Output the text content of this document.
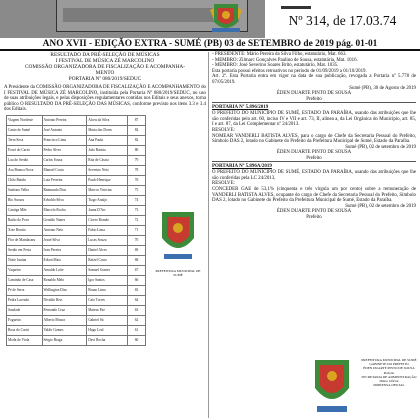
Nº 314, de 17.03.74
ANO XVII - EDIÇÃO EXTRA - SUMÉ (PB) 03 de SETEMBRO de 2019 pág. 01-01
RESULTADO DA PRÉ-SELEÇÃO DE MÚSICAS
I FESTIVAL DE MÚSICA ZÉ MARCOLINO
COMISSÃO ORGANIZADORA DE FISCALIZAÇÃO E ACOMPANHA-
MENTO
PORTARIA Nº 080/2019/SEDUC

A Presidente da COMISSÃO ORGANIZADORA DE FISCALIZAÇÃO E ACOMPANHAMENTO do I FESTIVAL DE MÚSICA ZÉ MARCOLINO, instituída pela Portaria Nº 080/2019/SEDUC, no uso de suas atribuições legais, e pelas disposições regulamentares contidas nos Editais e seus anexos, torna público O RESULTADO DA PRÉ-SELEÇÃO DAS MÚSICAS, conforme previsto nos itens 3.3 e 3.4 dos Editais.

Viagem Nordeste	Antonio Pereira	Alceu da Silva	87
Canto de Sumé	José Antonio	Maria das Dores	84
Terra Seca	Francisco Lima	Ana Paula	82
Forró do Cariri	Pedro Alves	João Batista	80
Lua do Sertão	Carlos Sousa	Rita de Cássia	79
Asa Branca Nova	Manoel Costa	Severino Neto	78
Chão Batido	Luiz Ferreira	Paulo Henrique	76
Sanfona Velha	Raimundo Dias	Marcos Vinicius	75
Rio Sucuru	Edvaldo Silva	Tiago Araújo	74
Cantiga Mãe	Marcelo Rocha	Joana D'Arc	73
Baião do Povo	Geraldo Nunes	Cícero Romão	72
Xote Bonito	Antonio Neto	Fabio Lima	71
Flor de Mandacaru	Josué Silva	Lucas Souza	70
Sertão em Festa	Ivan Pereira	Daniel Alves	69
Noite Junina	Edson Maia	Rafael Costa	68
Vaqueiro	Arnaldo Leite	Samuel Gomes	67
Caminho de Casa	Ronaldo Melo	Igor Santos	66
Pé de Serra	Wellington Dias	Bruno Lima	65
Pedra Lavrada	Nivaldo Reis	Caio Torres	64
Saudade	Fernando Cruz	Mateus Paz	63
Fogueira	Alberto Moura	Gabriel Sá	62
Rosa do Cariri	Valdir Gomes	Hugo Leal	61
Moda de Viola	Sérgio Braga	Davi Rocha	60
PREFEITURA MUNICIPAL DE SUMÉ

- PRESIDENTE: Mário Pereira da Silva Filho, estatutário, Mat. 663.

- MEMBRO: Zilmarc Gonçalves Paulino de Sousa, estatutária, Mat. 1016.

- MEMBRO: José Severino Soares Brito, estatutário, Mat. 1035.

Esta portaria possui efeitos retroativos no período de 01/09/2019 a 01/10/2019.

Art. 2º. Esta Portaria entra em vigor na data de sua publicação, revogada a Portaria nº 5.778 de 07/05/2019.

Sumé (PB), 30 de Agosto de 2019
ÉDEN DUARTE PINTO DE SOUSA
Prefeito
PORTARIA Nº 5.896/2019

O PREFEITO DO MUNICÍPIO DE SUMÉ, ESTADO DA PARAÍBA, usando das atribuições que lhe são conferidas pelo art. 60, inciso IV e VII e art. 73, II, alínea a, da Lei Orgânica do Município, art. 85, I e art. 87, da Lei Complementar nº 24/2013.

RESOLVE:

NOMEAR VANDERLI BATISTA ALVES, para o cargo de Chefe da Secretaria Pessoal do Prefeito, Símbolo DAS 2, lotado no Gabinete do Prefeito da Prefeitura Municipal de Sumé, Estado da Paraíba.

Sumé (PB), 02 de setembro de 2019
ÉDEN DUARTE PINTO DE SOUSA
Prefeito
PORTARIA Nº 5.896A/2019

O PREFEITO DO MUNICÍPIO DE SUMÉ, ESTADO DA PARAÍBA, usando das atribuições que lhe são conferidas pela LC 24/2013,

RESOLVE:

CONCEDER GAE de 53,1% (cinquenta e três vírgula um por cento) sobre a remuneração de VANDERLI BATISTA ALVES, ocupante do cargo de Chefe da Secretaria Pessoal do Prefeito, Símbolo DAS 2, lotado no Gabinete do Prefeito da Prefeitura Municipal de Sumé, Estado da Paraíba.

Sumé (PB), 02 de setembro de 2019
ÉDEN DUARTE PINTO DE SOUSA
Prefeito
PREFEITURA MUNICIPAL DE SUMÉ
GABINETE DO PREFEITO
ÉDEN DUARTE PINTO DE SOUSA
Prefeito
SECRETARIA DE ADMINISTRAÇÃO
Diário Oficial
IMPRENSA OFICIAL
